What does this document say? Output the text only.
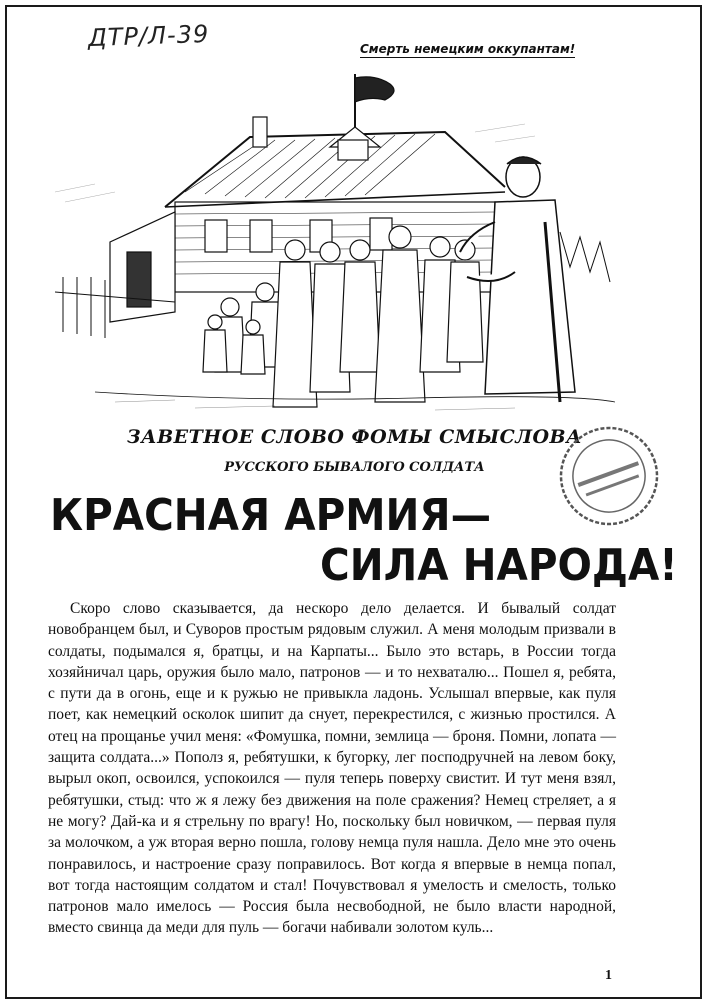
ДТР/Л-39	Смерть немецким оккупантам!
ЗАВЕТНОЕ СЛОВО ФОМЫ СМЫСЛОВА
РУССКОГО БЫВАЛОГО СОЛДАТА
КРАСНАЯ АРМИЯ—
СИЛА НАРОДА!

Скоро слово сказывается, да нескоро дело делается. И бывалый солдат новобранцем был, и Суворов простым рядовым служил. А меня молодым призвали в солдаты, подымался я, братцы, и на Карпаты... Было это встарь, в России тогда хозяйничал царь, оружия было мало, патронов — и то нехваталю... Пошел я, ребята, с пути да в огонь, еще и к ружью не привыкла ладонь. Услышал впервые, как пуля поет, как немецкий осколок шипит да снует, перекрестился, с жизнью простился. А отец на прощанье учил меня: «Фомушка, помни, землица — броня. Помни, лопата — защита солдата...» Пополз я, ребятушки, к бугорку, лег посподручней на левом боку, вырыл окоп, освоился, успокоился — пуля теперь поверху свистит. И тут меня взял, ребятушки, стыд: что ж я лежу без движения на поле сражения? Немец стреляет, а я не могу? Дай-ка и я стрельну по врагу! Но, поскольку был новичком, — первая пуля за молочком, а уж вторая верно пошла, голову немца пуля нашла. Дело мне это очень понравилось, и настроение сразу поправилось. Вот когда я впервые в немца попал, вот тогда настоящим солдатом и стал! Почувствовал я умелость и смелость, только патронов мало имелось — Россия была несвободной, не было власти народной, вместо свинца да меди для пуль — богачи набивали золотом куль...

1
